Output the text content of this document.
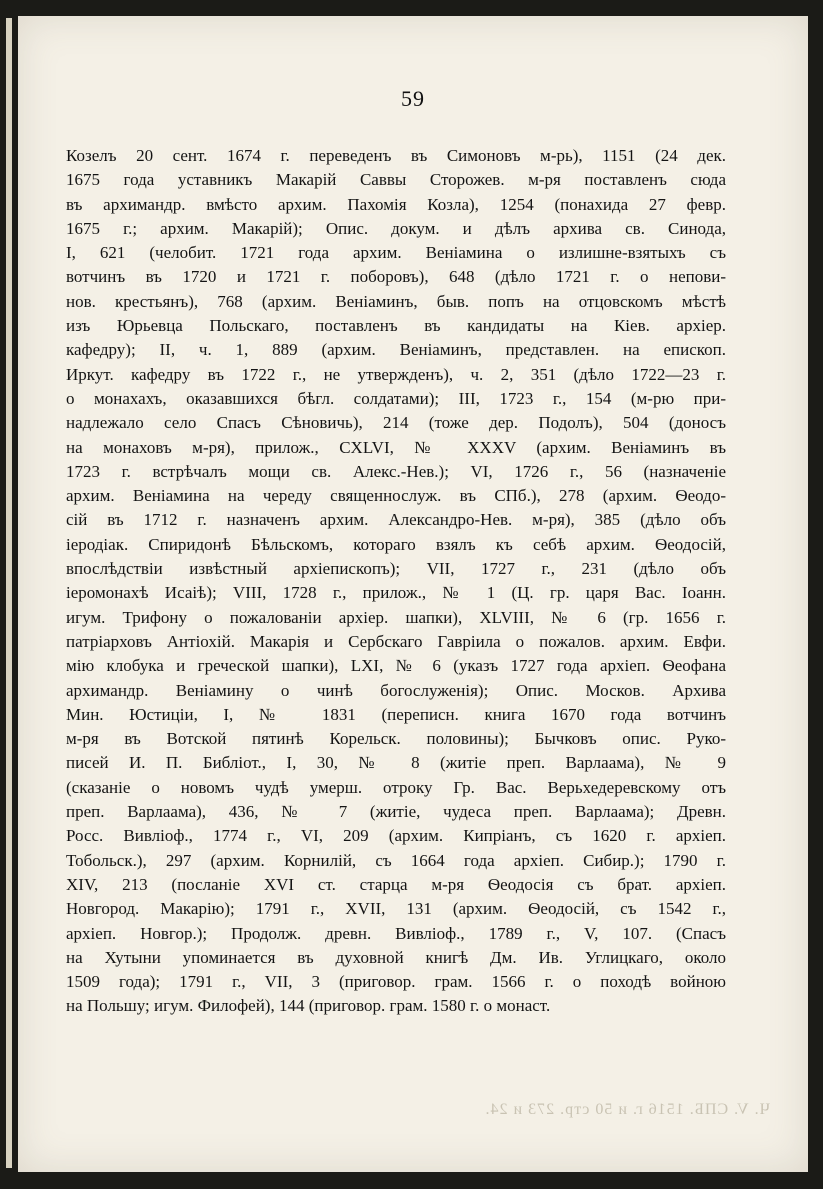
59
Козелъ 20 сент. 1674 г. переведенъ въ Симоновъ м-рь), 1151 (24 дек.
1675 года уставникъ Макарій Саввы Сторожев. м-ря поставленъ сюда
въ архимандр. вмѣсто архим. Пахомія Козла), 1254 (понахида 27 февр.
1675 г.; архим. Макарій); Опис. докум. и дѣлъ архива св. Синода,
I, 621 (челобит. 1721 года архим. Веніамина о излишне-взятыхъ съ
вотчинъ въ 1720 и 1721 г. поборовъ), 648 (дѣло 1721 г. о непови-
нов. крестьянъ), 768 (архим. Веніаминъ, быв. попъ на отцовскомъ мѣстѣ
изъ Юрьевца Польскаго, поставленъ въ кандидаты на Кіев. архіер.
кафедру); II, ч. 1, 889 (архим. Веніаминъ, представлен. на епископ.
Иркут. кафедру въ 1722 г., не утвержденъ), ч. 2, 351 (дѣло 1722—23 г.
о монахахъ, оказавшихся бѣгл. солдатами); III, 1723 г., 154 (м-рю при-
надлежало село Спасъ Сѣновичь), 214 (тоже дер. Подолъ), 504 (доносъ
на монаховъ м-ря), прилож., CXLVI, № XXXV (архим. Веніаминъ въ
1723 г. встрѣчалъ мощи св. Алекс.-Нев.); VI, 1726 г., 56 (назначеніе
архим. Веніамина на череду священнослуж. въ СПб.), 278 (архим. Ѳеодо-
сій въ 1712 г. назначенъ архим. Александро-Нев. м-ря), 385 (дѣло объ
іеродіак. Спиридонѣ Бѣльскомъ, котораго взялъ къ себѣ архим. Ѳеодосій,
впослѣдствіи извѣстный архіепископъ); VII, 1727 г., 231 (дѣло объ
іеромонахѣ Исаіѣ); VIII, 1728 г., прилож., № 1 (Ц. гр. царя Вас. Іоанн.
игум. Трифону о пожалованіи архіер. шапки), XLVIII, № 6 (гр. 1656 г.
патріарховъ Антіохій. Макарія и Сербскаго Гавріила о пожалов. архим. Евфи.
мію клобука и греческой шапки), LXI, № 6 (указъ 1727 года архіеп. Ѳеофана
архимандр. Веніамину о чинѣ богослуженія); Опис. Москов. Архива
Мин. Юстиціи, I, № 1831 (переписн. книга 1670 года вотчинъ
м-ря въ Вотской пятинѣ Корельск. половины); Бычковъ опис. Руко-
писей И. П. Библіот., I, 30, № 8 (житіе преп. Варлаама), № 9
(сказаніе о новомъ чудѣ умерш. отроку Гр. Вас. Верьхедеревскому отъ
преп. Варлаама), 436, № 7 (житіе, чудеса преп. Варлаама); Древн.
Росс. Вивліоф., 1774 г., VI, 209 (архим. Кипріанъ, съ 1620 г. архіеп.
Тобольск.), 297 (архим. Корнилій, съ 1664 года архіеп. Сибир.); 1790 г.
XIV, 213 (посланіе XVI ст. старца м-ря Ѳеодосія съ брат. архіеп.
Новгород. Макарію); 1791 г., XVII, 131 (архим. Ѳеодосій, съ 1542 г.,
архіеп. Новгор.); Продолж. древн. Вивліоф., 1789 г., V, 107. (Спасъ
на Хутыни упоминается въ духовной книгѣ Дм. Ив. Углицкаго, около
1509 года); 1791 г., VII, 3 (приговор. грам. 1566 г. о походѣ войною
на Польшу; игум. Филофей), 144 (приговор. грам. 1580 г. о монаст.
Ч. V. СПБ. 1516 г. и 50 стр. 273 и 24.
